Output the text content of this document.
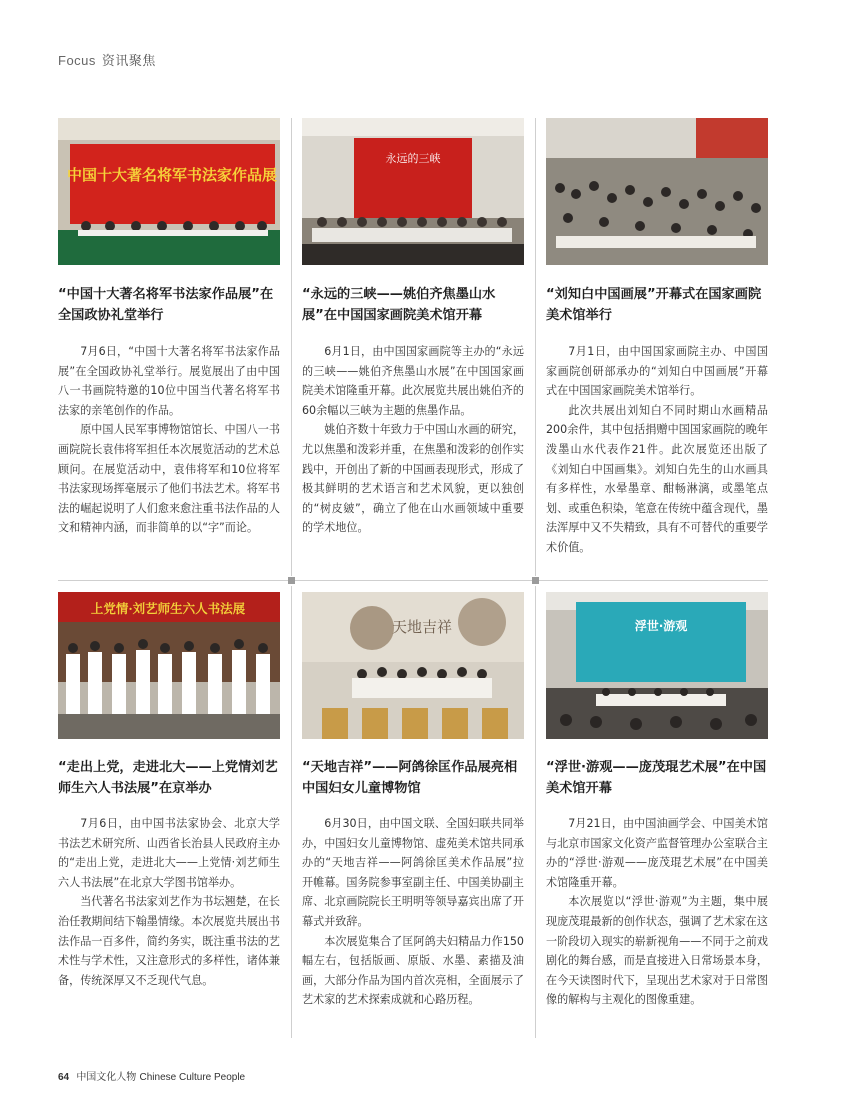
Focus 资讯聚焦
中国十大著名将军书法家作品展
“中国十大著名将军书法家作品展”在全国政协礼堂举行

7月6日，“中国十大著名将军书法家作品展”在全国政协礼堂举行。展览展出了由中国八一书画院特邀的10位中国当代著名将军书法家的亲笔创作的作品。

原中国人民军事博物馆馆长、中国八一书画院院长袁伟将军担任本次展览活动的艺术总顾问。在展览活动中，袁伟将军和10位将军书法家现场挥毫展示了他们书法艺术。将军书法的崛起说明了人们愈来愈注重书法作品的人文和精神内涵，而非简单的以“字”而论。

永远的三峡
“永远的三峡——姚伯齐焦墨山水展”在中国国家画院美术馆开幕

6月1日，由中国国家画院等主办的“永远的三峡——姚伯齐焦墨山水展”在中国国家画院美术馆隆重开幕。此次展览共展出姚伯齐的60余幅以三峡为主题的焦墨作品。

姚伯齐数十年致力于中国山水画的研究，尤以焦墨和泼彩并重，在焦墨和泼彩的创作实践中，开创出了新的中国画表现形式，形成了极其鲜明的艺术语言和艺术风貌，更以独创的“树皮皴”，确立了他在山水画领域中重要的学术地位。

“刘知白中国画展”开幕式在国家画院美术馆举行

7月1日，由中国国家画院主办、中国国家画院创研部承办的“刘知白中国画展”开幕式在中国国家画院美术馆举行。

此次共展出刘知白不同时期山水画精品200余件，其中包括捐赠中国国家画院的晚年泼墨山水代表作21件。此次展览还出版了《刘知白中国画集》。刘知白先生的山水画具有多样性，水晕墨章、酣畅淋漓，或墨笔点划、或重色积染，笔意在传统中蕴含现代，墨法浑厚中又不失精致，具有不可替代的重要学术价值。

上党情·刘艺师生六人书法展
“走出上党，走进北大——上党情刘艺师生六人书法展”在京举办

7月6日，由中国书法家协会、北京大学书法艺术研究所、山西省长治县人民政府主办的“走出上党，走进北大——上党情·刘艺师生六人书法展”在北京大学图书馆举办。

当代著名书法家刘艺作为书坛翘楚，在长治任教期间结下翰墨情缘。本次展览共展出书法作品一百多件，简约务实，既注重书法的艺术性与学术性，又注意形式的多样性，诸体兼备，传统深厚又不乏现代气息。

天地吉祥
“天地吉祥”——阿鸽徐匡作品展亮相中国妇女儿童博物馆

6月30日，由中国文联、全国妇联共同举办，中国妇女儿童博物馆、虚苑美术馆共同承办的“天地吉祥——阿鸽徐匡美术作品展”拉开帷幕。国务院参事室副主任、中国美协副主席、北京画院院长王明明等领导嘉宾出席了开幕式并致辞。

本次展览集合了匡阿鸽夫妇精品力作150幅左右，包括版画、原版、水墨、素描及油画，大部分作品为国内首次亮相，全面展示了艺术家的艺术探索成就和心路历程。

浮世·游观
“浮世·游观——庞茂琨艺术展”在中国美术馆开幕

7月21日，由中国油画学会、中国美术馆与北京市国家文化资产监督管理办公室联合主办的“浮世·游观——庞茂琨艺术展”在中国美术馆隆重开幕。

本次展览以“浮世·游观”为主题，集中展现庞茂琨最新的创作状态，强调了艺术家在这一阶段切入现实的崭新视角——不同于之前戏剧化的舞台感，而是直接进入日常场景本身，在今天读图时代下，呈现出艺术家对于日常图像的解构与主观化的图像重建。

64 中国文化人物 Chinese Culture People
